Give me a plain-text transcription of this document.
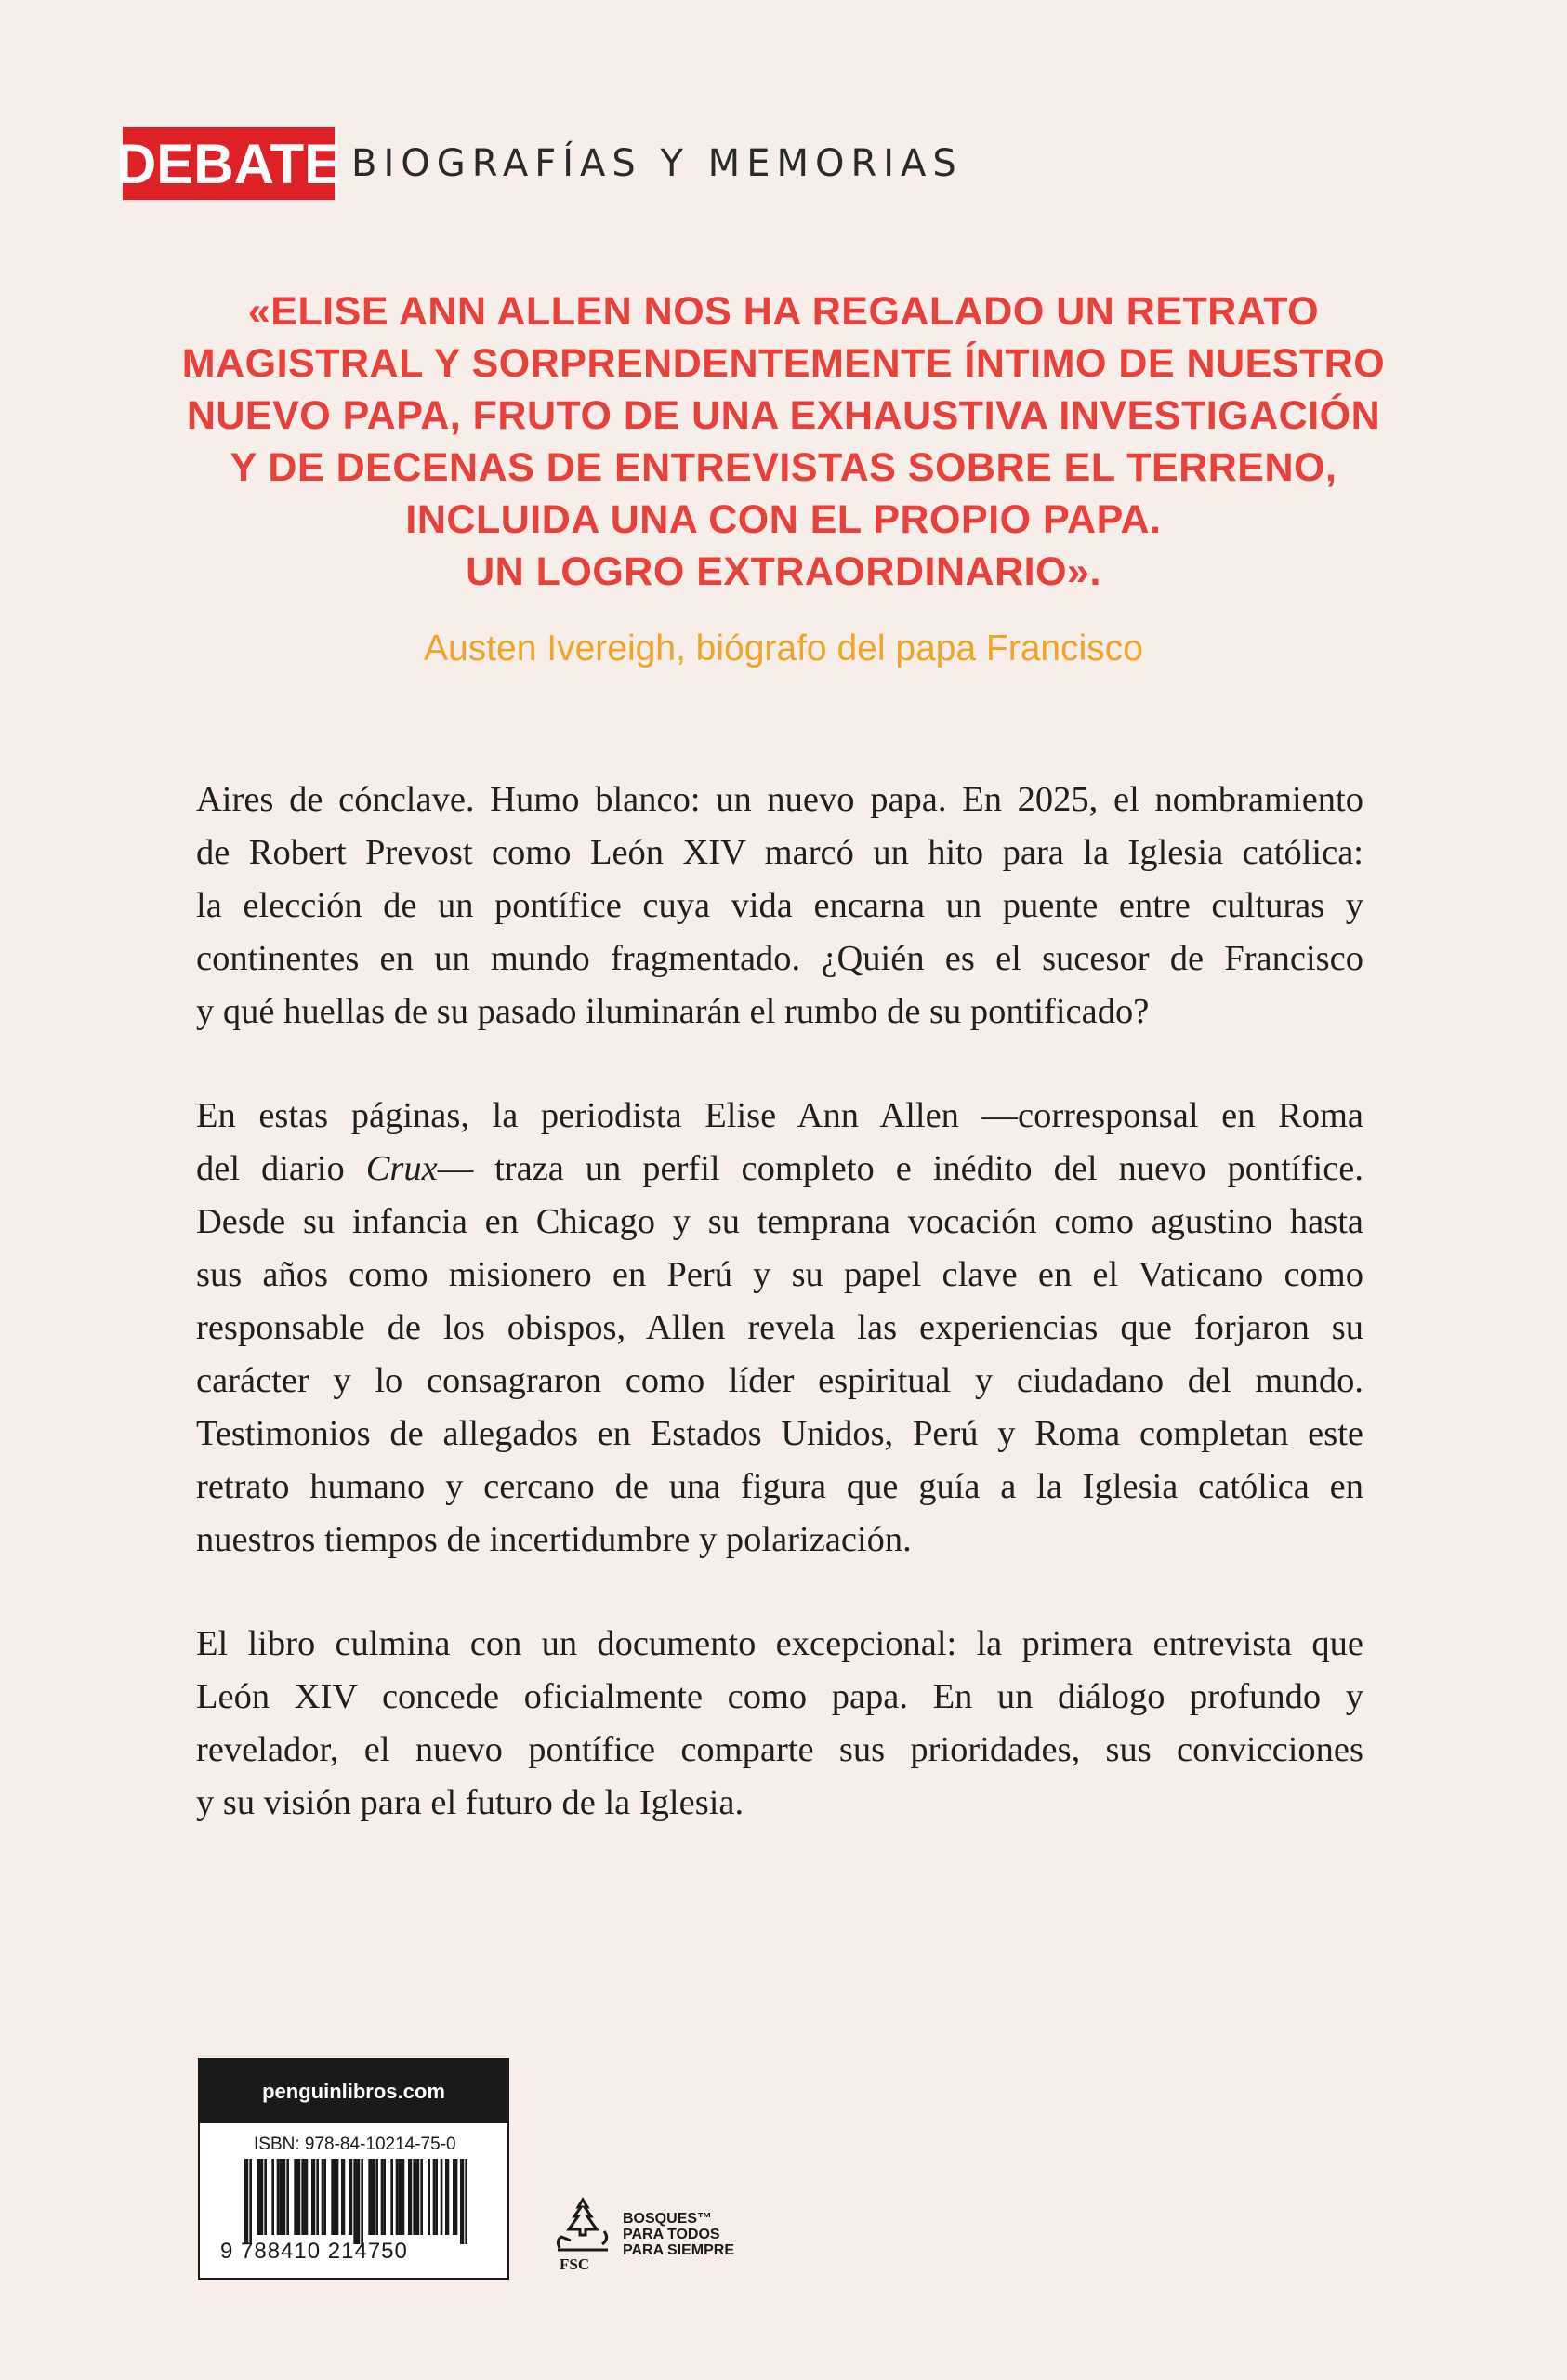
DEBATE BIOGRAFÍAS Y MEMORIAS
«ELISE ANN ALLEN NOS HA REGALADO UN RETRATO
MAGISTRAL Y SORPRENDENTEMENTE ÍNTIMO DE NUESTRO
NUEVO PAPA, FRUTO DE UNA EXHAUSTIVA INVESTIGACIÓN
Y DE DECENAS DE ENTREVISTAS SOBRE EL TERRENO,
INCLUIDA UNA CON EL PROPIO PAPA.
UN LOGRO EXTRAORDINARIO».
Austen Ivereigh, biógrafo del papa Francisco
Aires de cónclave. Humo blanco: un nuevo papa. En 2025, el nombramiento
de Robert Prevost como León XIV marcó un hito para la Iglesia católica:
la elección de un pontífice cuya vida encarna un puente entre culturas y
continentes en un mundo fragmentado. ¿Quién es el sucesor de Francisco
y qué huellas de su pasado iluminarán el rumbo de su pontificado?
En estas páginas, la periodista Elise Ann Allen —corresponsal en Roma
del diario Crux— traza un perfil completo e inédito del nuevo pontífice.
Desde su infancia en Chicago y su temprana vocación como agustino hasta
sus años como misionero en Perú y su papel clave en el Vaticano como
responsable de los obispos, Allen revela las experiencias que forjaron su
carácter y lo consagraron como líder espiritual y ciudadano del mundo.
Testimonios de allegados en Estados Unidos, Perú y Roma completan este
retrato humano y cercano de una figura que guía a la Iglesia católica en
nuestros tiempos de incertidumbre y polarización.
El libro culmina con un documento excepcional: la primera entrevista que
León XIV concede oficialmente como papa. En un diálogo profundo y
revelador, el nuevo pontífice comparte sus prioridades, sus convicciones
y su visión para el futuro de la Iglesia.
penguinlibros.com
ISBN: 978-84-10214-75-0
9 788410 214750
FSC
BOSQUES™
PARA TODOS
PARA SIEMPRE
